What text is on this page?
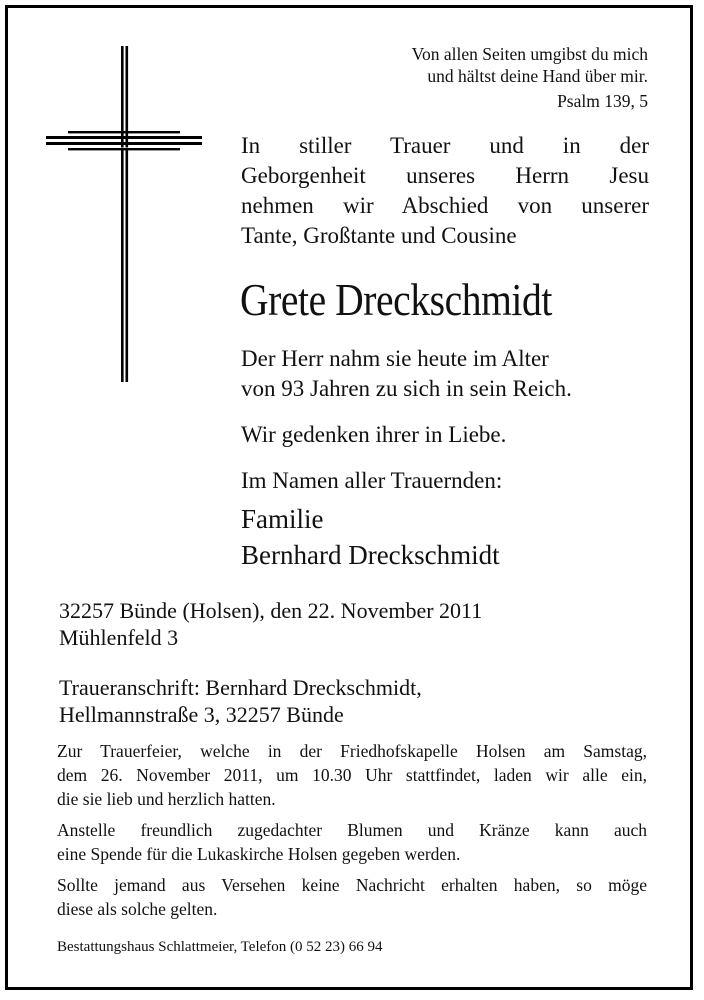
Von allen Seiten umgibst du mich
und hältst deine Hand über mir.
Psalm 139, 5
In stiller Trauer und in der
Geborgenheit unseres Herrn Jesu
nehmen wir Abschied von unserer
Tante, Großtante und Cousine
Grete Dreckschmidt
Der Herr nahm sie heute im Alter
von 93 Jahren zu sich in sein Reich.
Wir gedenken ihrer in Liebe.
Im Namen aller Trauernden:
Familie
Bernhard Dreckschmidt
32257 Bünde (Holsen), den 22. November 2011
Mühlenfeld 3
Traueranschrift: Bernhard Dreckschmidt,
Hellmannstraße 3, 32257 Bünde
Zur Trauerfeier, welche in der Friedhofskapelle Holsen am Samstag,
dem 26. November 2011, um 10.30 Uhr stattfindet, laden wir alle ein,
die sie lieb und herzlich hatten.
Anstelle freundlich zugedachter Blumen und Kränze kann auch
eine Spende für die Lukaskirche Holsen gegeben werden.
Sollte jemand aus Versehen keine Nachricht erhalten haben, so möge
diese als solche gelten.
Bestattungshaus Schlattmeier, Telefon (0 52 23) 66 94
